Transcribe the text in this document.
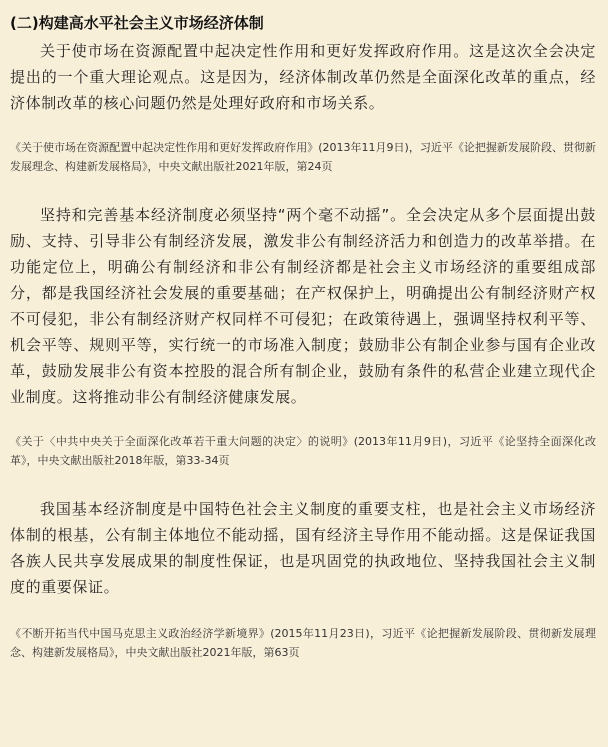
(二)构建高水平社会主义市场经济体制

关于使市场在资源配置中起决定性作用和更好发挥政府作用。这是这次全会决定提出的一个重大理论观点。这是因为，经济体制改革仍然是全面深化改革的重点，经济体制改革的核心问题仍然是处理好政府和市场关系。

《关于使市场在资源配置中起决定性作用和更好发挥政府作用》(2013年11月9日)，习近平《论把握新发展阶段、贯彻新发展理念、构建新发展格局》，中央文献出版社2021年版，第24页

坚持和完善基本经济制度必须坚持“两个毫不动摇”。全会决定从多个层面提出鼓励、支持、引导非公有制经济发展，激发非公有制经济活力和创造力的改革举措。在功能定位上，明确公有制经济和非公有制经济都是社会主义市场经济的重要组成部分，都是我国经济社会发展的重要基础；在产权保护上，明确提出公有制经济财产权不可侵犯，非公有制经济财产权同样不可侵犯；在政策待遇上，强调坚持权利平等、机会平等、规则平等，实行统一的市场准入制度；鼓励非公有制企业参与国有企业改革，鼓励发展非公有资本控股的混合所有制企业，鼓励有条件的私营企业建立现代企业制度。这将推动非公有制经济健康发展。

《关于〈中共中央关于全面深化改革若干重大问题的决定〉的说明》(2013年11月9日)，习近平《论坚持全面深化改革》，中央文献出版社2018年版，第33-34页

我国基本经济制度是中国特色社会主义制度的重要支柱，也是社会主义市场经济体制的根基，公有制主体地位不能动摇，国有经济主导作用不能动摇。这是保证我国各族人民共享发展成果的制度性保证，也是巩固党的执政地位、坚持我国社会主义制度的重要保证。

《不断开拓当代中国马克思主义政治经济学新境界》(2015年11月23日)，习近平《论把握新发展阶段、贯彻新发展理念、构建新发展格局》，中央文献出版社2021年版，第63页
